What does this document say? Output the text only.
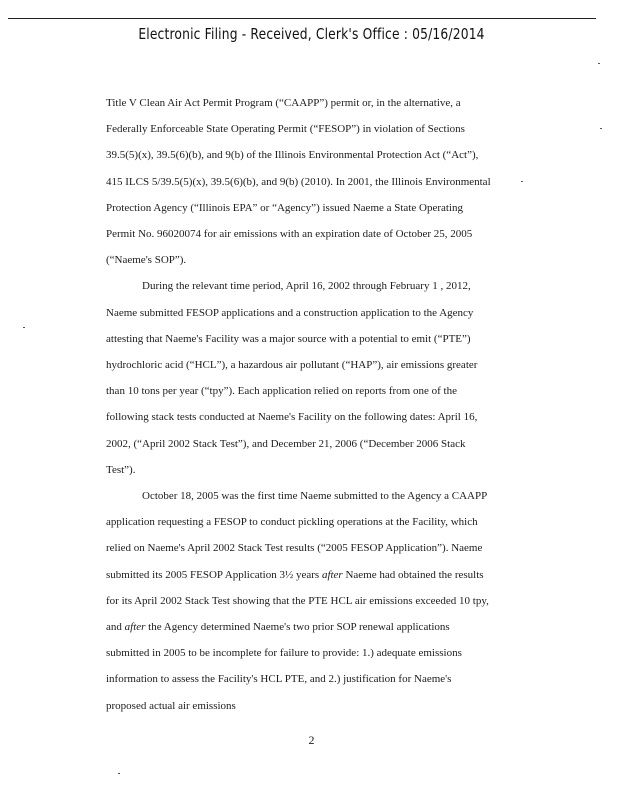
Electronic Filing - Received, Clerk's Office : 05/16/2014

Title V Clean Air Act Permit Program (“CAAPP”) permit or, in the alternative, a Federally Enforceable State Operating Permit (“FESOP”) in violation of Sections 39.5(5)(x), 39.5(6)(b), and 9(b) of the Illinois Environmental Protection Act (“Act”), 415 ILCS 5/39.5(5)(x), 39.5(6)(b), and 9(b) (2010). In 2001, the Illinois Environmental Protection Agency (“Illinois EPA” or “Agency”) issued Naeme a State Operating Permit No. 96020074 for air emissions with an expiration date of October 25, 2005 (“Naeme's SOP”).

During the relevant time period, April 16, 2002 through February 1 , 2012, Naeme submitted FESOP applications and a construction application to the Agency attesting that Naeme's Facility was a major source with a potential to emit (“PTE”) hydrochloric acid (“HCL”), a hazardous air pollutant (“HAP”), air emissions greater than 10 tons per year (“tpy”). Each application relied on reports from one of the following stack tests conducted at Naeme's Facility on the following dates: April 16, 2002, (“April 2002 Stack Test”), and December 21, 2006 (“December 2006 Stack Test”).

October 18, 2005 was the first time Naeme submitted to the Agency a CAAPP application requesting a FESOP to conduct pickling operations at the Facility, which relied on Naeme's April 2002 Stack Test results (“2005 FESOP Application”). Naeme submitted its 2005 FESOP Application 3½ years after Naeme had obtained the results for its April 2002 Stack Test showing that the PTE HCL air emissions exceeded 10 tpy, and after the Agency determined Naeme's two prior SOP renewal applications submitted in 2005 to be incomplete for failure to provide: 1.) adequate emissions information to assess the Facility's HCL PTE, and 2.) justification for Naeme's proposed actual air emissions

2
